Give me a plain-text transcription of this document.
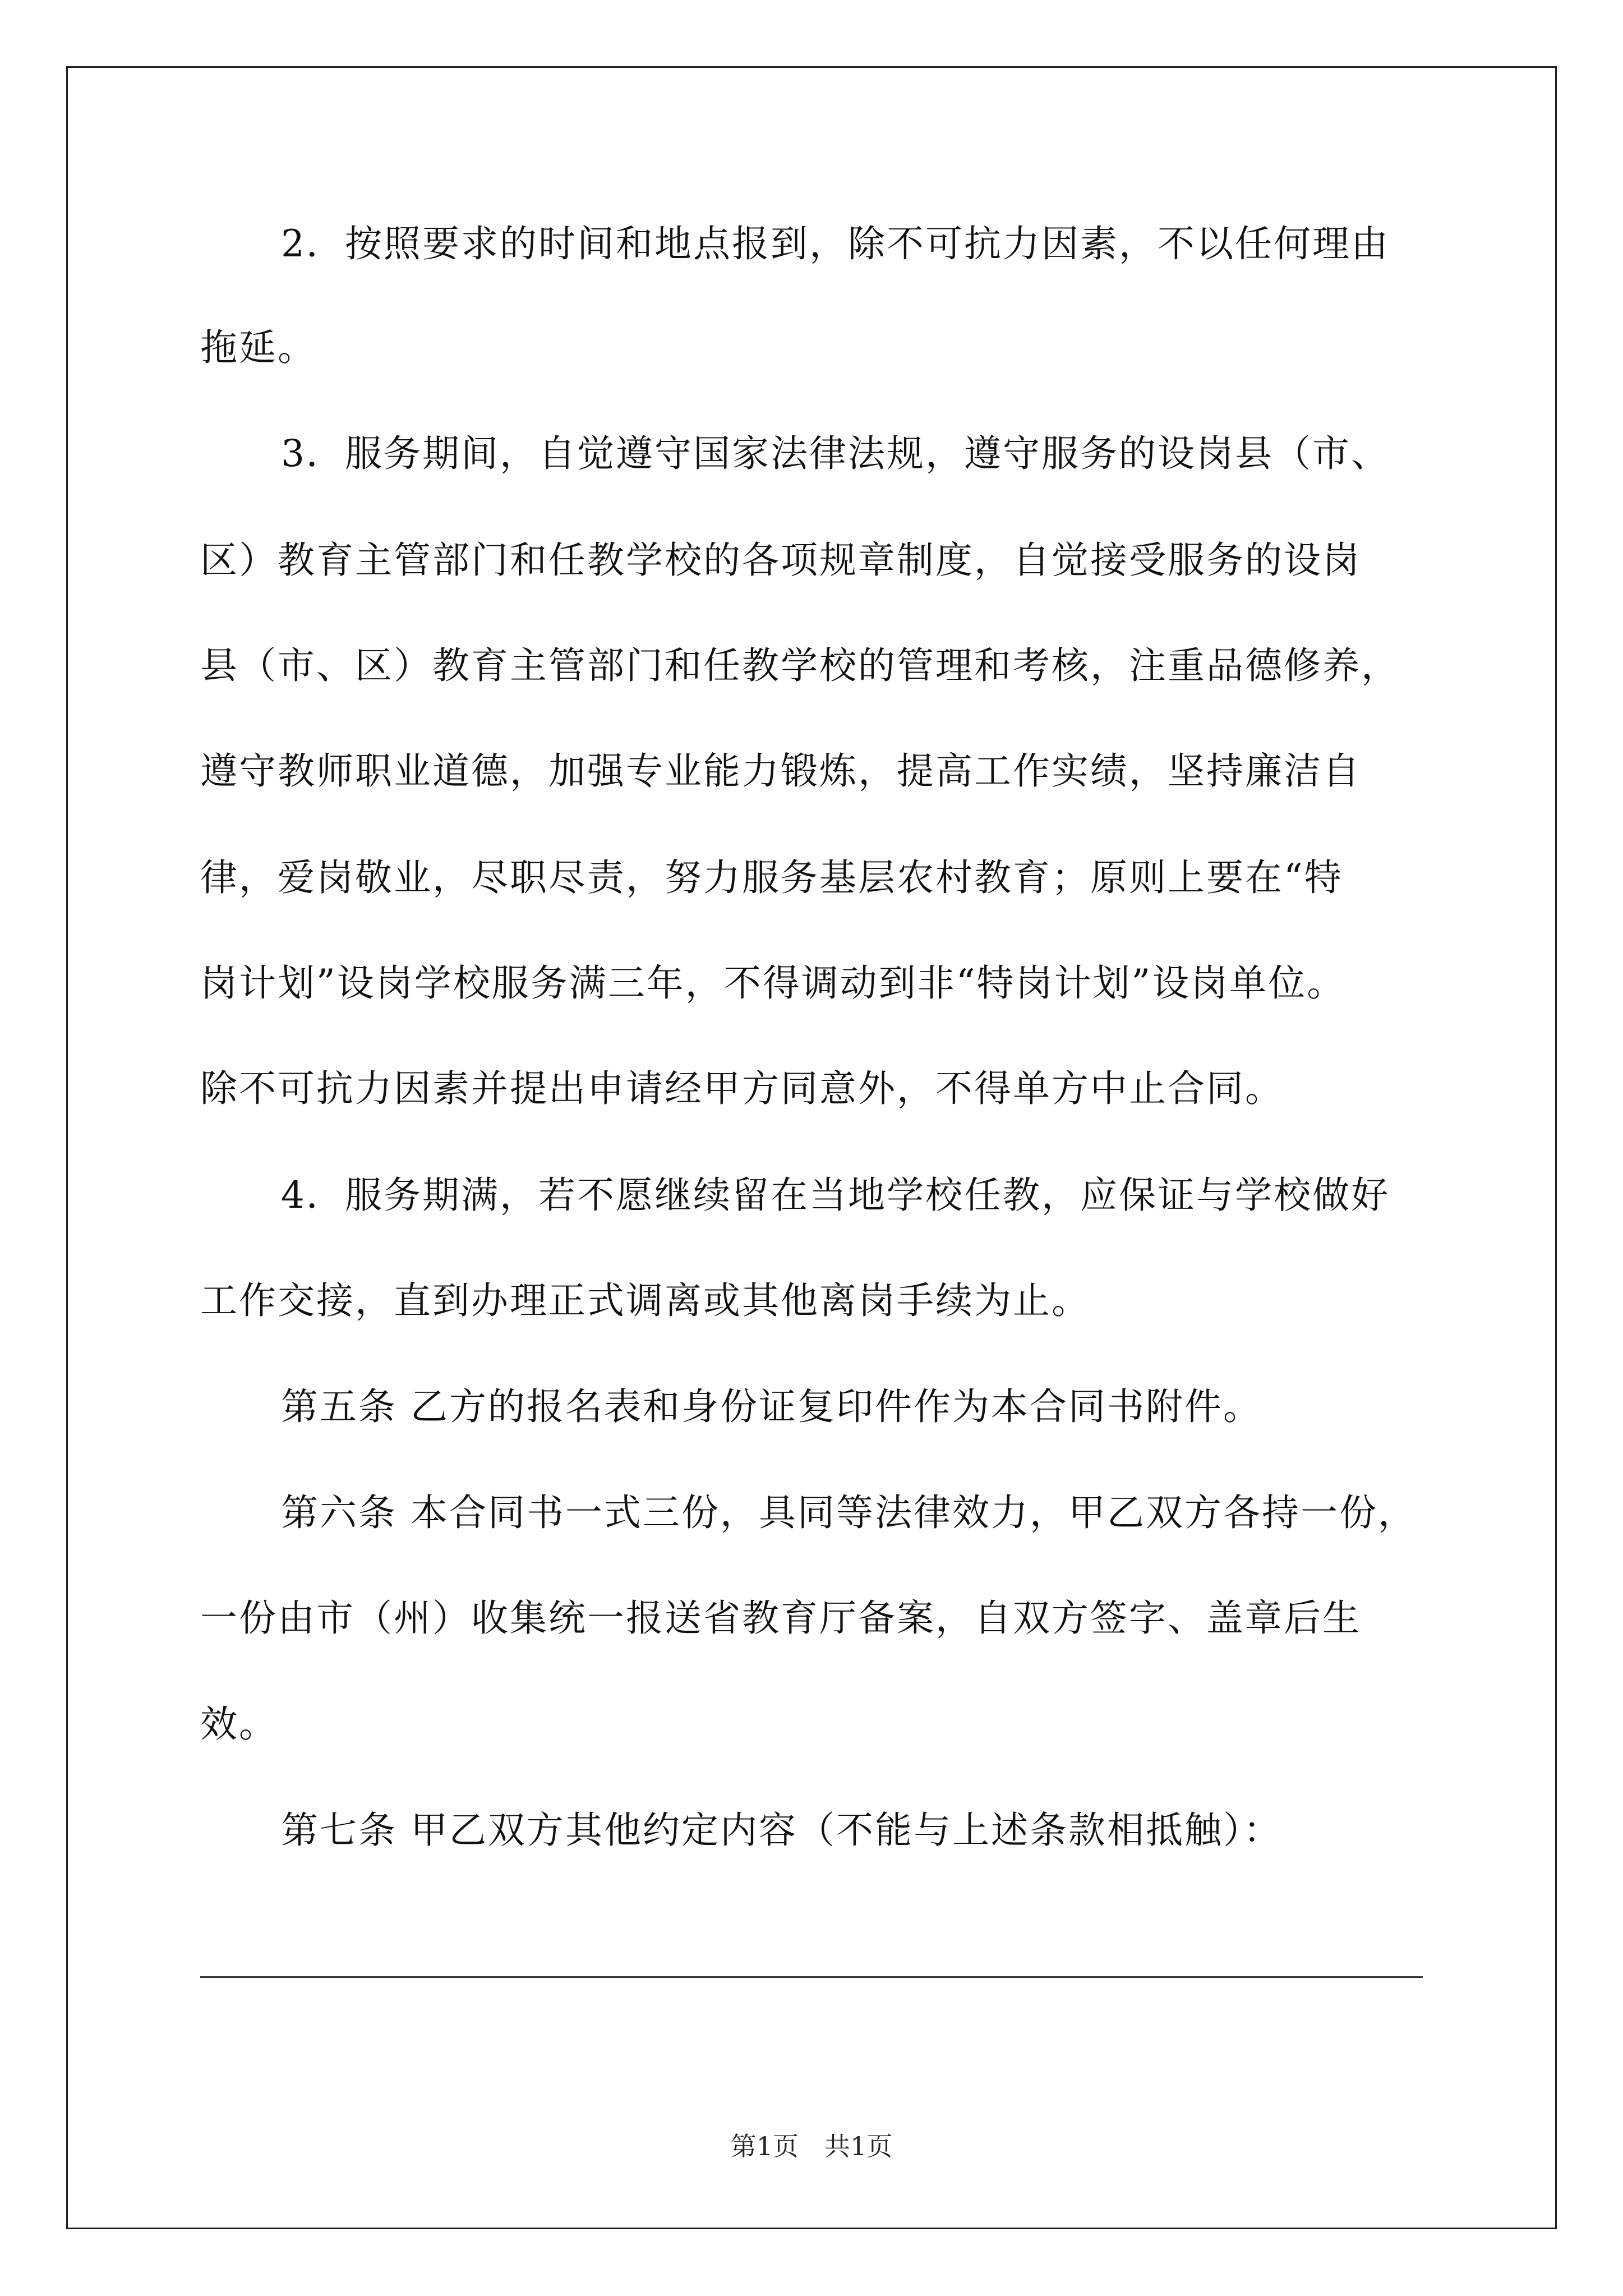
2．按照要求的时间和地点报到，除不可抗力因素，不以任何理由
拖延。
3．服务期间，自觉遵守国家法律法规，遵守服务的设岗县（市、
区）教育主管部门和任教学校的各项规章制度，自觉接受服务的设岗
县（市、区）教育主管部门和任教学校的管理和考核，注重品德修养，
遵守教师职业道德，加强专业能力锻炼，提高工作实绩，坚持廉洁自
律，爱岗敬业，尽职尽责，努力服务基层农村教育；原则上要在“特
岗计划”设岗学校服务满三年，不得调动到非“特岗计划”设岗单位。
除不可抗力因素并提出申请经甲方同意外，不得单方中止合同。
4．服务期满，若不愿继续留在当地学校任教，应保证与学校做好
工作交接，直到办理正式调离或其他离岗手续为止。
第五条 乙方的报名表和身份证复印件作为本合同书附件。
第六条 本合同书一式三份，具同等法律效力，甲乙双方各持一份，
一份由市（州）收集统一报送省教育厅备案，自双方签字、盖章后生
效。
第七条 甲乙双方其他约定内容（不能与上述条款相抵触）：
第1页　共1页
